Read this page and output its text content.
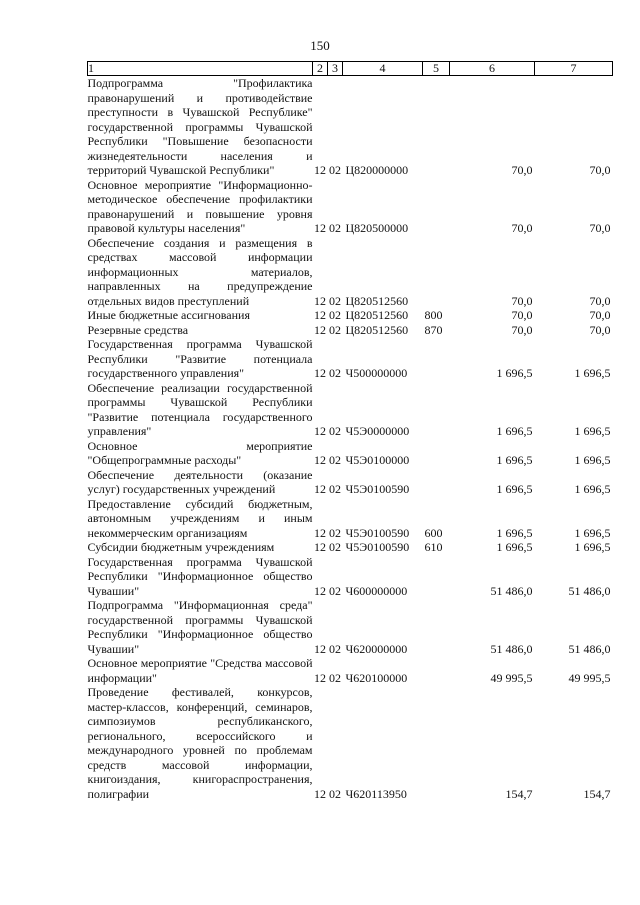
150
1	2	3	4	5	6	7
Подпрограмма "Профилактика правонарушений и противодействие преступности в Чувашской Республике" государственной программы Чувашской Республики "Повышение безопасности жизнедеятельности населения и территорий Чувашской Республики"	12	02	Ц820000000		70,0	70,0
Основное мероприятие "Информационно-методическое обеспечение профилактики правонарушений и повышение уровня правовой культуры населения"	12	02	Ц820500000		70,0	70,0
Обеспечение создания и размещения в средствах массовой информации информационных материалов, направленных на предупреждение отдельных видов преступлений	12	02	Ц820512560		70,0	70,0
Иные бюджетные ассигнования	12	02	Ц820512560	800	70,0	70,0
Резервные средства	12	02	Ц820512560	870	70,0	70,0
Государственная программа Чувашской Республики "Развитие потенциала государственного управления"	12	02	Ч500000000		1 696,5	1 696,5
Обеспечение реализации государственной программы Чувашской Республики "Развитие потенциала государственного управления"	12	02	Ч5Э0000000		1 696,5	1 696,5
Основное мероприятие "Общепрограммные расходы"	12	02	Ч5Э0100000		1 696,5	1 696,5
Обеспечение деятельности (оказание услуг) государственных учреждений	12	02	Ч5Э0100590		1 696,5	1 696,5
Предоставление субсидий бюджетным, автономным учреждениям и иным некоммерческим организациям	12	02	Ч5Э0100590	600	1 696,5	1 696,5
Субсидии бюджетным учреждениям	12	02	Ч5Э0100590	610	1 696,5	1 696,5
Государственная программа Чувашской Республики "Информационное общество Чувашии"	12	02	Ч600000000		51 486,0	51 486,0
Подпрограмма "Информационная среда" государственной программы Чувашской Республики "Информационное общество Чувашии"	12	02	Ч620000000		51 486,0	51 486,0
Основное мероприятие "Средства массовой информации"	12	02	Ч620100000		49 995,5	49 995,5
Проведение фестивалей, конкурсов, мастер-классов, конференций, семинаров, симпозиумов республиканского, регионального, всероссийского и международного уровней по проблемам средств массовой информации, книгоиздания, книгораспространения, полиграфии	12	02	Ч620113950		154,7	154,7
